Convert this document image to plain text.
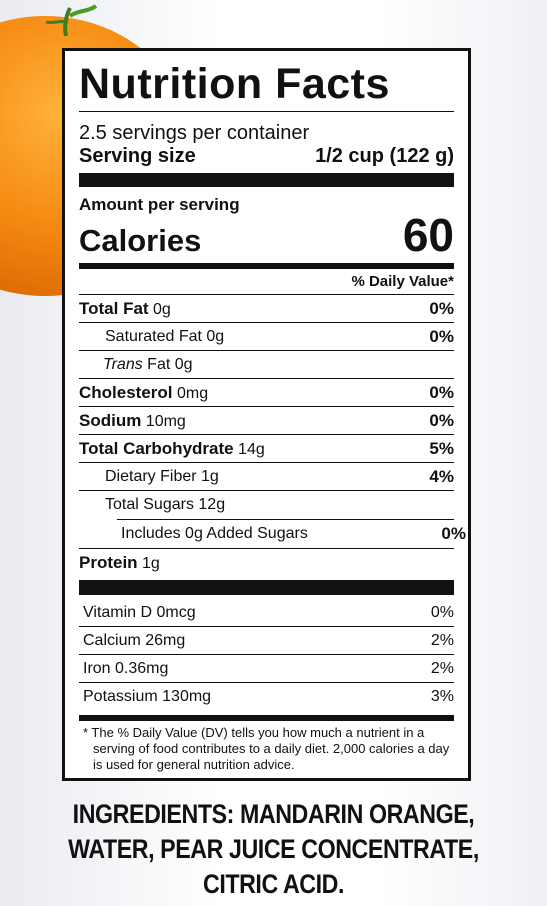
Nutrition Facts
2.5 servings per container
Serving size	1/2 cup (122 g)
Amount per serving
Calories	60
% Daily Value*
Total Fat 0g	0%
Saturated Fat 0g	0%
Trans Fat 0g
Cholesterol 0mg	0%
Sodium 10mg	0%
Total Carbohydrate 14g	5%
Dietary Fiber 1g	4%
Total Sugars 12g
Includes 0g Added Sugars	0%
Protein 1g
Vitamin D 0mcg	0%
Calcium 26mg	2%
Iron 0.36mg	2%
Potassium 130mg	3%
* The % Daily Value (DV) tells you how much a nutrient in a serving of food contributes to a daily diet. 2,000 calories a day is used for general nutrition advice.
INGREDIENTS: MANDARIN ORANGE,
WATER, PEAR JUICE CONCENTRATE,
CITRIC ACID.
